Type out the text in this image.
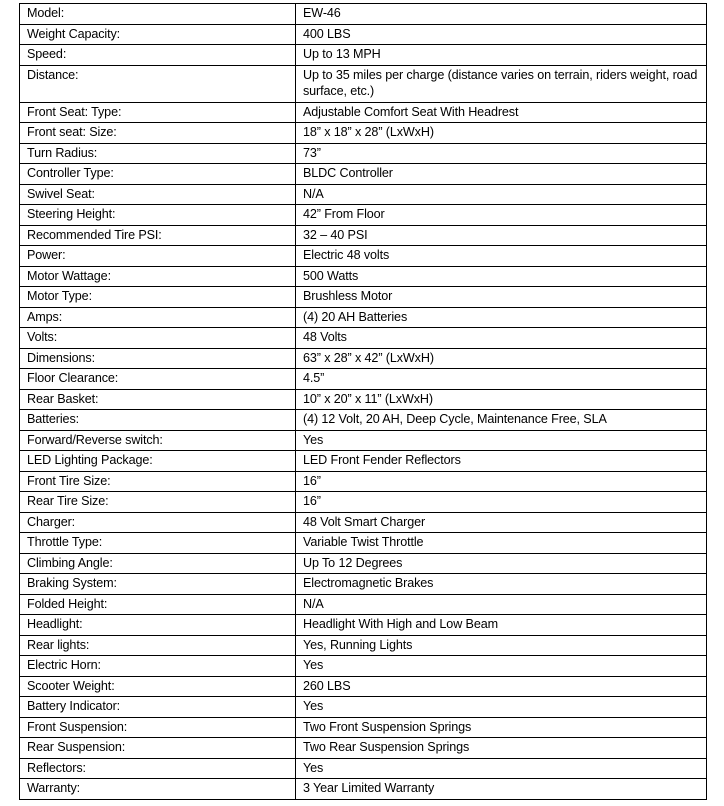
Model:	EW-46
Weight Capacity:	400 LBS
Speed:	Up to 13 MPH
Distance:	Up to 35 miles per charge (distance varies on terrain, riders weight, road surface, etc.)
Front Seat: Type:	Adjustable Comfort Seat With Headrest
Front seat: Size:	18” x 18” x 28” (LxWxH)
Turn Radius:	73”
Controller Type:	BLDC Controller
Swivel Seat:	N/A
Steering Height:	42” From Floor
Recommended Tire PSI:	32 – 40 PSI
Power:	Electric 48 volts
Motor Wattage:	500 Watts
Motor Type:	Brushless Motor
Amps:	(4) 20 AH Batteries
Volts:	48 Volts
Dimensions:	63” x 28” x 42” (LxWxH)
Floor Clearance:	4.5”
Rear Basket:	10” x 20” x 11” (LxWxH)
Batteries:	(4) 12 Volt, 20 AH, Deep Cycle, Maintenance Free, SLA
Forward/Reverse switch:	Yes
LED Lighting Package:	LED Front Fender Reflectors
Front Tire Size:	16”
Rear Tire Size:	16”
Charger:	48 Volt Smart Charger
Throttle Type:	Variable Twist Throttle
Climbing Angle:	Up To 12 Degrees
Braking System:	Electromagnetic Brakes
Folded Height:	N/A
Headlight:	Headlight With High and Low Beam
Rear lights:	Yes, Running Lights
Electric Horn:	Yes
Scooter Weight:	260 LBS
Battery Indicator:	Yes
Front Suspension:	Two Front Suspension Springs
Rear Suspension:	Two Rear Suspension Springs
Reflectors:	Yes
Warranty:	3 Year Limited Warranty
